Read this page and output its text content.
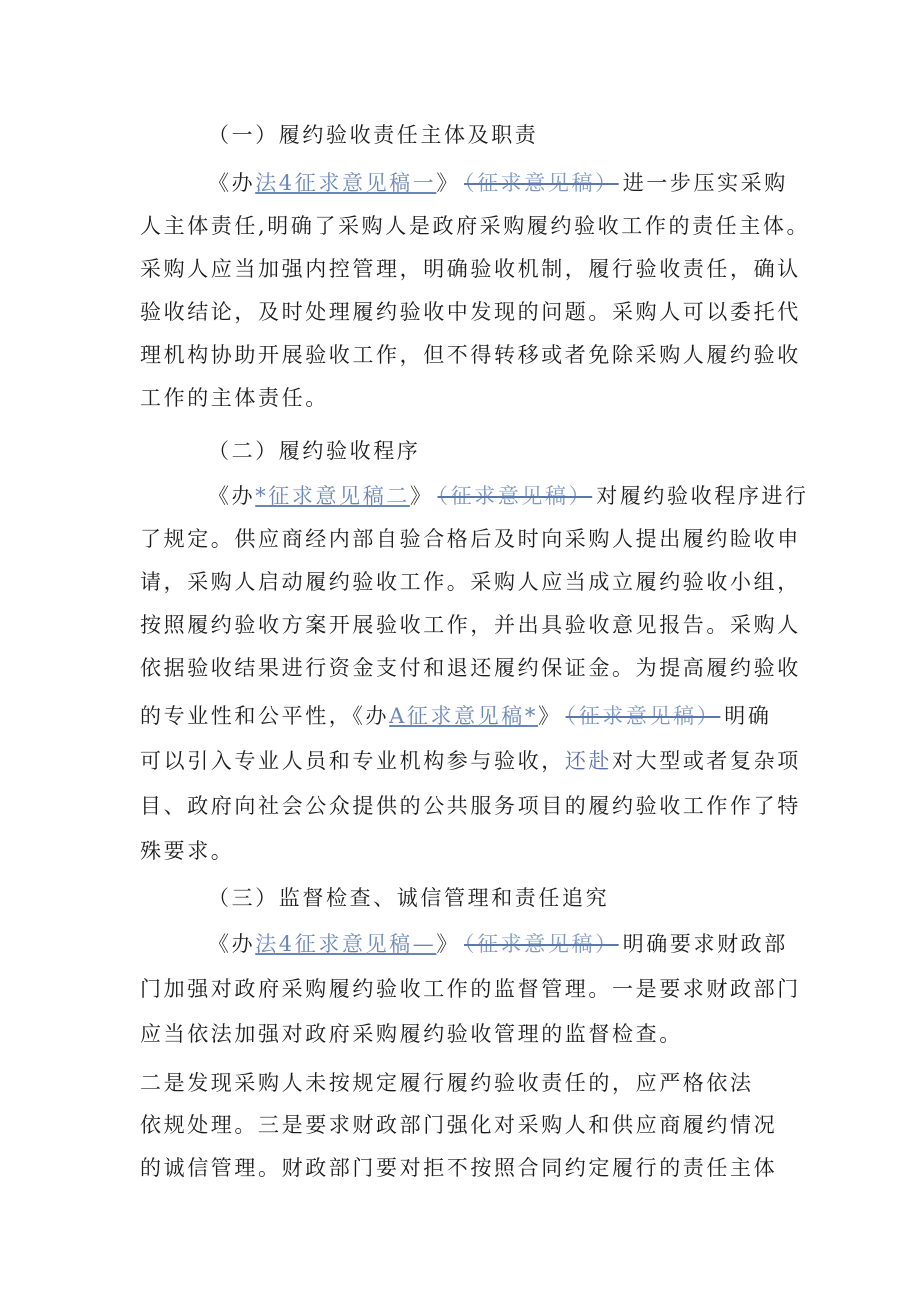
（一）履约验收责任主体及职责
《办法4征求意见稿一》 （征求意见稿） 进一步压实采购
人主体责任,明确了采购人是政府采购履约验收工作的责任主体。
采购人应当加强内控管理，明确验收机制，履行验收责任，确认
验收结论，及时处理履约验收中发现的问题。采购人可以委托代
理机构协助开展验收工作，但不得转移或者免除采购人履约验收
工作的主体责任。
（二）履约验收程序
《办*征求意见稿二》 （征求意见稿） 对履约验收程序进行
了规定。供应商经内部自验合格后及时向采购人提出履约睑收申
请，采购人启动履约验收工作。采购人应当成立履约验收小组，
按照履约验收方案开展验收工作，并出具验收意见报告。采购人
依据验收结果进行资金支付和退还履约保证金。为提高履约验收
的专业性和公平性，《办A征求意见稿*》 （征求意见稿） 明确
可以引入专业人员和专业机构参与验收，还赴对大型或者复杂项
目、政府向社会公众提供的公共服务项目的履约验收工作作了特
殊要求。
（三）监督检查、诚信管理和责任追究
《办法4征求意见稿—》 （征求意见稿） 明确要求财政部
门加强对政府采购履约验收工作的监督管理。一是要求财政部门
应当依法加强对政府采购履约验收管理的监督检查。
二是发现采购人未按规定履行履约验收责任的，应严格依法
依规处理。三是要求财政部门强化对采购人和供应商履约情况
的诚信管理。财政部门要对拒不按照合同约定履行的责任主体
